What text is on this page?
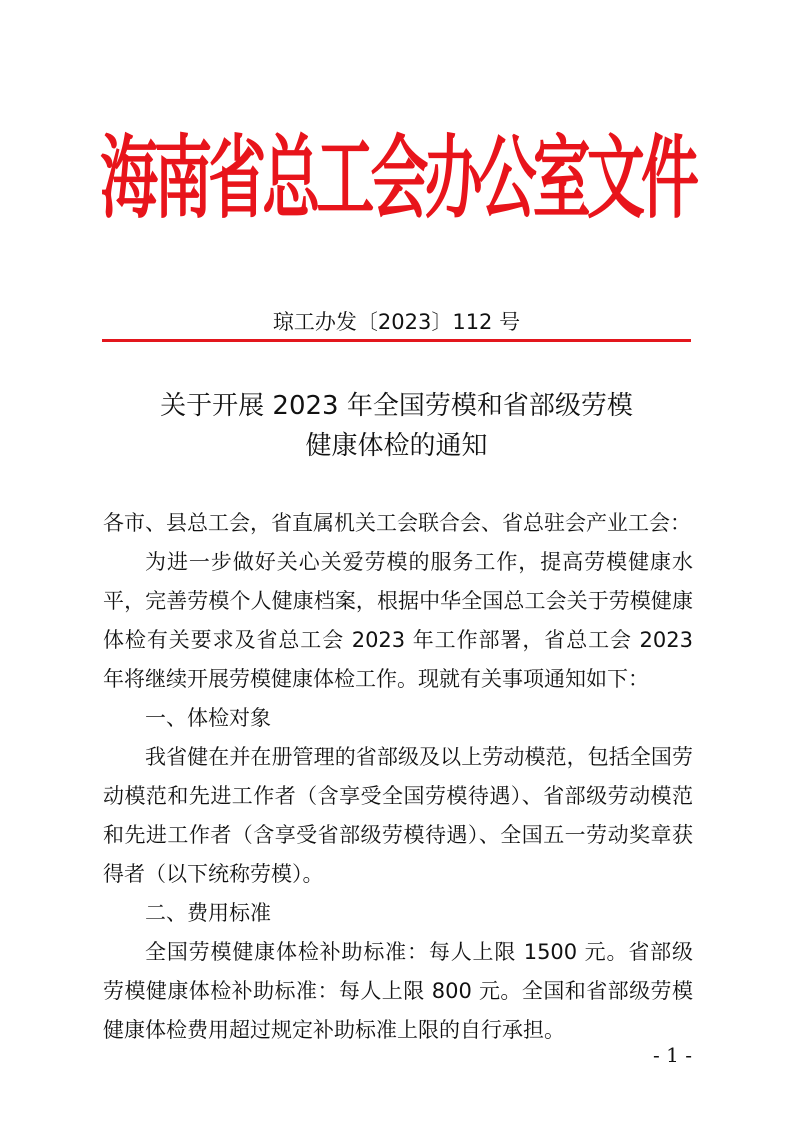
海
南
省
总
工
会
办
公
室
文
件
琼工办发〔2023〕112 号
关于开展 2023 年全国劳模和省部级劳模
健康体检的通知

各市、县总工会，省直属机关工会联合会、省总驻会产业工会：

为进一步做好关心关爱劳模的服务工作，提高劳模健康水平，完善劳模个人健康档案，根据中华全国总工会关于劳模健康体检有关要求及省总工会 2023 年工作部署，省总工会 2023 年将继续开展劳模健康体检工作。现就有关事项通知如下：

一、体检对象

我省健在并在册管理的省部级及以上劳动模范，包括全国劳动模范和先进工作者（含享受全国劳模待遇）、省部级劳动模范和先进工作者（含享受省部级劳模待遇）、全国五一劳动奖章获得者（以下统称劳模）。

二、费用标准

全国劳模健康体检补助标准：每人上限 1500 元。省部级劳模健康体检补助标准：每人上限 800 元。全国和省部级劳模健康体检费用超过规定补助标准上限的自行承担。

- 1 -
